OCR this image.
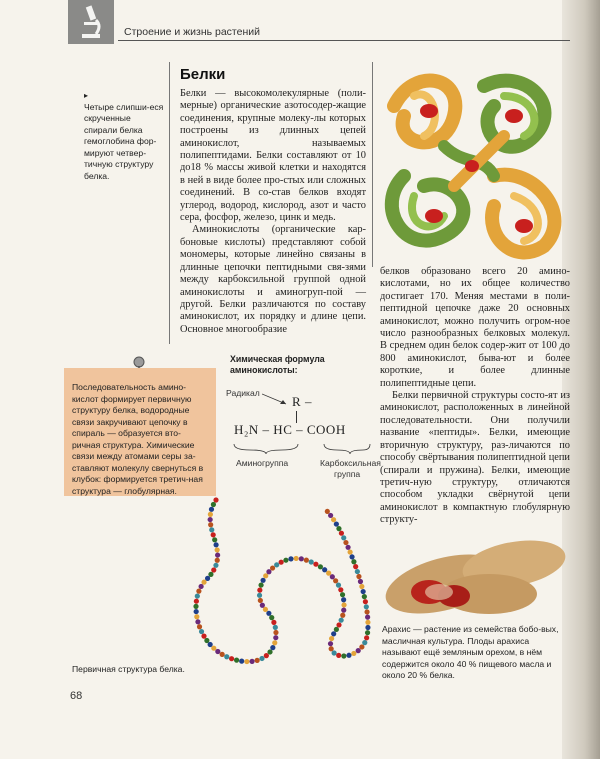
Строение и жизнь растений
▸
Четыре слипши-еся скрученные спирали белка гемоглобина фор-мируют четвер-тичную структуру белка.
Белки

Белки — высокомолекулярные (поли-мерные) органические азотосодер-жащие соединения, крупные молеку-лы которых построены из длинных цепей аминокислот, называемых полипептидами. Белки составляют от 10 до18 % массы живой клетки и находятся в ней в виде более про-стых или сложных соединений. В со-став белков входят углерод, водород, кислород, азот и часто сера, фосфор, железо, цинк и медь.

Аминокислоты (органические кар-боновые кислоты) представляют собой мономеры, которые линейно связаны в длинные цепочки пептидными свя-зями между карбоксильной группой одной аминокислоты и аминогруп-пой — другой. Белки различаются по составу аминокислот, их порядку и длине цепи. Основное многообразие

белков образовано всего 20 амино-кислотами, но их общее количество достигает 170. Меняя местами в поли-пептидной цепочке даже 20 основных аминокислот, можно получить огром-ное число разнообразных белковых молекул. В среднем один белок содер-жит от 100 до 800 аминокислот, быва-ют и более короткие, и более длинные полипептидные цепи.

Белки первичной структуры состо-ят из аминокислот, расположенных в линейной последовательности. Они получили название «пептиды». Белки, имеющие вторичную структуру, раз-личаются по способу свёртывания полипептидной цепи (спирали и пружина). Белки, имеющие третич-ную структуру, отличаются способом укладки свёрнутой цепи аминокислот в компактную глобулярную структу-

Последовательность амино-кислот формирует первичную структуру белка, водородные связи закручивают цепочку в спираль — образуется вто-ричная структура. Химические связи между атомами серы за-ставляют молекулу свернуться в клубок: формируется третич-ная структура — глобулярная.
Химическая формула
аминокислоты:
Радикал
R –
H₂N – HC – COOH
Аминогруппа	Карбоксильная
группа
Первичная структура белка.
Арахис — растение из семейства бобо-вых, масличная культура. Плоды арахиса называют ещё земляным орехом, в нём содержится около 40 % пищевого масла и около 20 % белка.
68
